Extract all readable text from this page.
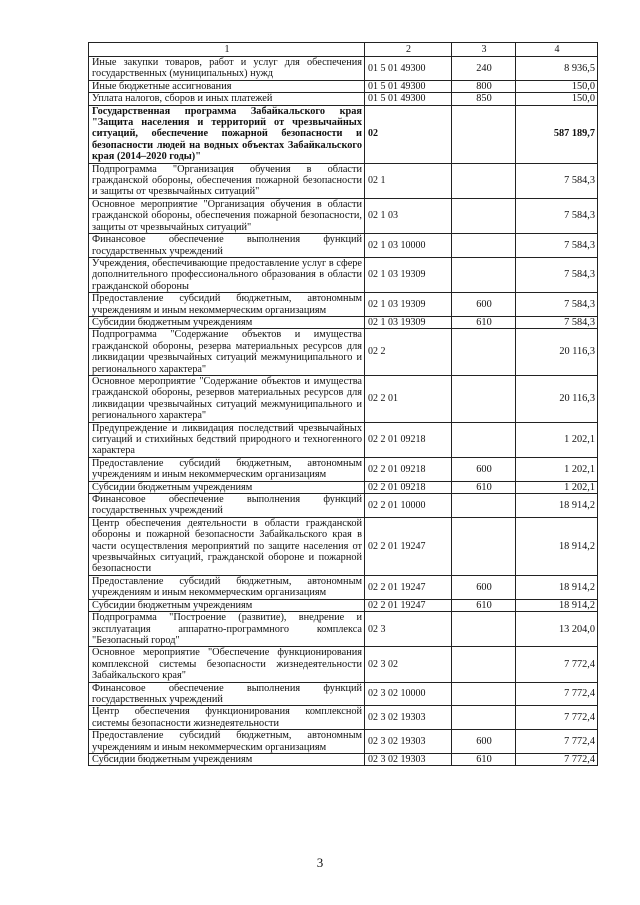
1	2	3	4
Иные закупки товаров, работ и услуг для обеспечения государственных (муниципальных) нужд	01 5 01 49300	240	8 936,5
Иные бюджетные ассигнования	01 5 01 49300	800	150,0
Уплата налогов, сборов и иных платежей	01 5 01 49300	850	150,0
Государственная программа Забайкальского края "Защита населения и территорий от чрезвычайных ситуаций, обеспечение пожарной безопасности и безопасности людей на водных объектах Забайкальского края (2014–2020 годы)"	02		587 189,7
Подпрограмма "Организация обучения в области гражданской обороны, обеспечения пожарной безопасности и защиты от чрезвычайных ситуаций"	02 1		7 584,3
Основное мероприятие "Организация обучения в области гражданской обороны, обеспечения пожарной безопасности, защиты от чрезвычайных ситуаций"	02 1 03		7 584,3
Финансовое обеспечение выполнения функций государственных учреждений	02 1 03 10000		7 584,3
Учреждения, обеспечивающие предоставление услуг в сфере дополнительного профессионального образования в области гражданской обороны	02 1 03 19309		7 584,3
Предоставление субсидий бюджетным, автономным учреждениям и иным некоммерческим организациям	02 1 03 19309	600	7 584,3
Субсидии бюджетным учреждениям	02 1 03 19309	610	7 584,3
Подпрограмма "Содержание объектов и имущества гражданской обороны, резерва материальных ресурсов для ликвидации чрезвычайных ситуаций межмуниципального и регионального характера"	02 2		20 116,3
Основное мероприятие "Содержание объектов и имущества гражданской обороны, резервов материальных ресурсов для ликвидации чрезвычайных ситуаций межмуниципального и регионального характера"	02 2 01		20 116,3
Предупреждение и ликвидация последствий чрезвычайных ситуаций и стихийных бедствий природного и техногенного характера	02 2 01 09218		1 202,1
Предоставление субсидий бюджетным, автономным учреждениям и иным некоммерческим организациям	02 2 01 09218	600	1 202,1
Субсидии бюджетным учреждениям	02 2 01 09218	610	1 202,1
Финансовое обеспечение выполнения функций государственных учреждений	02 2 01 10000		18 914,2
Центр обеспечения деятельности в области гражданской обороны и пожарной безопасности Забайкальского края в части осуществления мероприятий по защите населения от чрезвычайных ситуаций, гражданской обороне и пожарной безопасности	02 2 01 19247		18 914,2
Предоставление субсидий бюджетным, автономным учреждениям и иным некоммерческим организациям	02 2 01 19247	600	18 914,2
Субсидии бюджетным учреждениям	02 2 01 19247	610	18 914,2
Подпрограмма "Построение (развитие), внедрение и эксплуатация аппаратно-программного комплекса "Безопасный город"	02 3		13 204,0
Основное мероприятие "Обеспечение функционирования комплексной системы безопасности жизнедеятельности Забайкальского края"	02 3 02		7 772,4
Финансовое обеспечение выполнения функций государственных учреждений	02 3 02 10000		7 772,4
Центр обеспечения функционирования комплексной системы безопасности жизнедеятельности	02 3 02 19303		7 772,4
Предоставление субсидий бюджетным, автономным учреждениям и иным некоммерческим организациям	02 3 02 19303	600	7 772,4
Субсидии бюджетным учреждениям	02 3 02 19303	610	7 772,4
3
